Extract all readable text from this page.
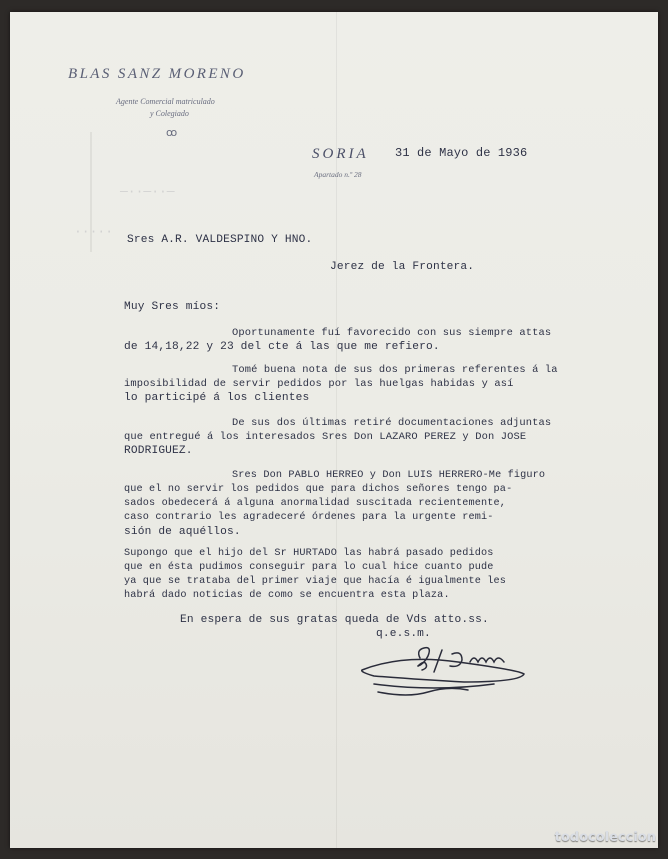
—··—··—
·····
BLAS SANZ MORENO
Agente Comercial matriculado
y Colegiado
ꝏ
SORIA
Apartado n.º 28
31 de Mayo de 1936
Sres A.R. VALDESPINO Y HNO.
Jerez de la Frontera.
Muy Sres míos:
Oportunamente fuí favorecido con sus siempre attas
de 14,18,22 y 23 del cte á las que me refiero.
Tomé buena nota de sus dos primeras referentes á la
imposibilidad de servir pedidos por las huelgas habidas y así
lo participé á los clientes
De sus dos últimas retiré documentaciones adjuntas
que entregué á los interesados Sres Don LAZARO PEREZ y Don JOSE
RODRIGUEZ.
Sres Don PABLO HERREO y Don LUIS HERRERO-Me figuro
que el no servir los pedidos que para dichos señores tengo pa-
sados obedecerá á alguna anormalidad suscitada recientemente,
caso contrario les agradeceré órdenes para la urgente remi-
sión de aquéllos.
Supongo que el hijo del Sr HURTADO las habrá pasado pedidos
que en ésta pudimos conseguir para lo cual hice cuanto pude
ya que se trataba del primer viaje que hacía é igualmente les
habrá dado noticias de como se encuentra esta plaza.
En espera de sus gratas queda de Vds atto.ss.
q.e.s.m.
todocoleccion
